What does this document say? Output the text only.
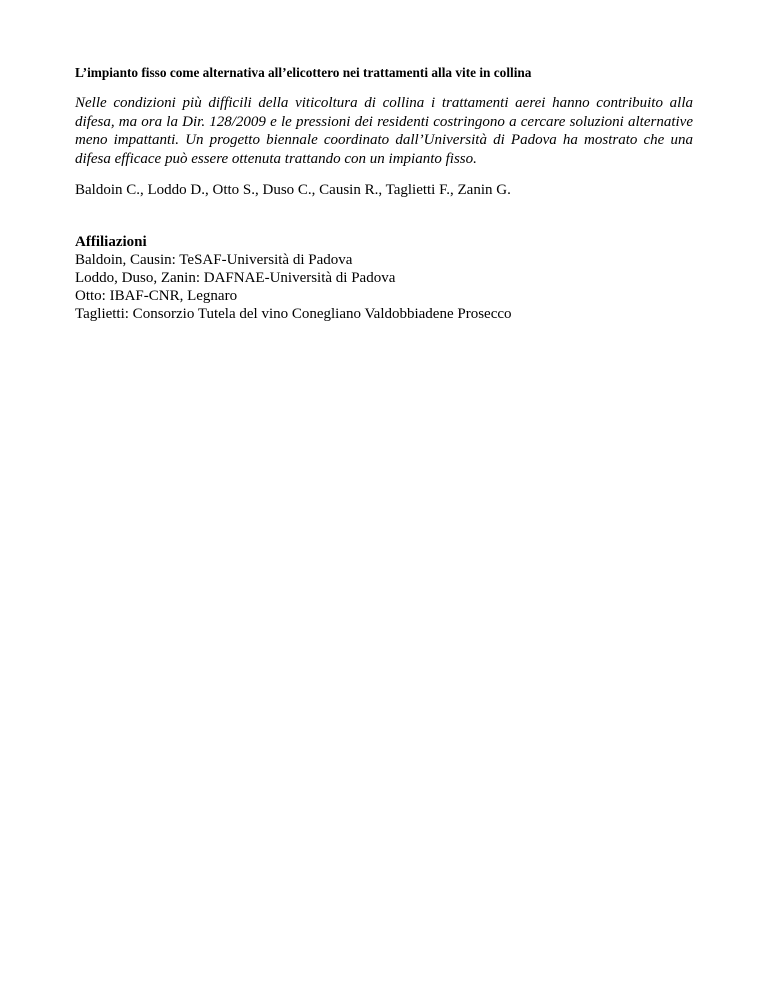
L’impianto fisso come alternativa all’elicottero nei trattamenti alla vite in collina

Nelle condizioni più difficili della viticoltura di collina i trattamenti aerei hanno contribuito alla difesa, ma ora la Dir. 128/2009 e le pressioni dei residenti costringono a cercare soluzioni alternative meno impattanti. Un progetto biennale coordinato dall’Università di Padova ha mostrato che una difesa efficace può essere ottenuta trattando con un impianto fisso.

Baldoin C., Loddo D., Otto S., Duso C., Causin R., Taglietti F., Zanin G.

Affiliazioni
Baldoin, Causin: TeSAF-Università di Padova
Loddo, Duso, Zanin: DAFNAE-Università di Padova
Otto: IBAF-CNR, Legnaro
Taglietti: Consorzio Tutela del vino Conegliano Valdobbiadene Prosecco
